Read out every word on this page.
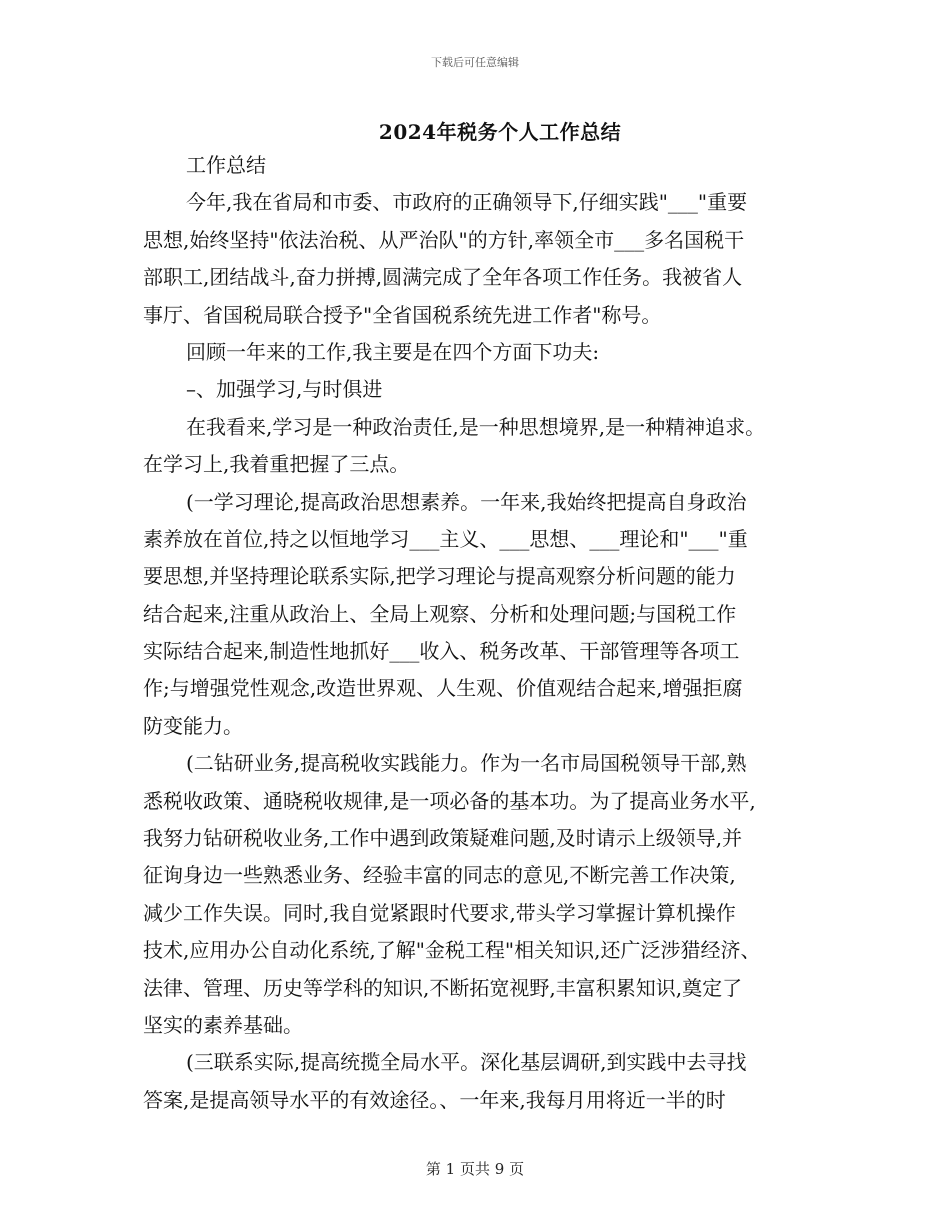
下载后可任意编辑
2024年税务个人工作总结
工作总结
今年,我在省局和市委、市政府的正确领导下,仔细实践"___"重要
思想,始终坚持"依法治税、从严治队"的方针,率领全市___多名国税干
部职工,团结战斗,奋力拼搏,圆满完成了全年各项工作任务。我被省人
事厅、省国税局联合授予"全省国税系统先进工作者"称号。
回顾一年来的工作,我主要是在四个方面下功夫:
–、加强学习,与时俱进
在我看来,学习是一种政治责任,是一种思想境界,是一种精神追求。
在学习上,我着重把握了三点。
(一学习理论,提高政治思想素养。一年来,我始终把提高自身政治
素养放在首位,持之以恒地学习___主义、___思想、___理论和"___"重
要思想,并坚持理论联系实际,把学习理论与提高观察分析问题的能力
结合起来,注重从政治上、全局上观察、分析和处理问题;与国税工作
实际结合起来,制造性地抓好___收入、税务改革、干部管理等各项工
作;与增强党性观念,改造世界观、人生观、价值观结合起来,增强拒腐
防变能力。
(二钻研业务,提高税收实践能力。作为一名市局国税领导干部,熟
悉税收政策、通晓税收规律,是一项必备的基本功。为了提高业务水平,
我努力钻研税收业务,工作中遇到政策疑难问题,及时请示上级领导,并
征询身边一些熟悉业务、经验丰富的同志的意见,不断完善工作决策,
减少工作失误。同时,我自觉紧跟时代要求,带头学习掌握计算机操作
技术,应用办公自动化系统,了解"金税工程"相关知识,还广泛涉猎经济、
法律、管理、历史等学科的知识,不断拓宽视野,丰富积累知识,奠定了
坚实的素养基础。
(三联系实际,提高统揽全局水平。深化基层调研,到实践中去寻找
答案,是提高领导水平的有效途径。、一年来,我每月用将近一半的时
第 1 页共 9 页
